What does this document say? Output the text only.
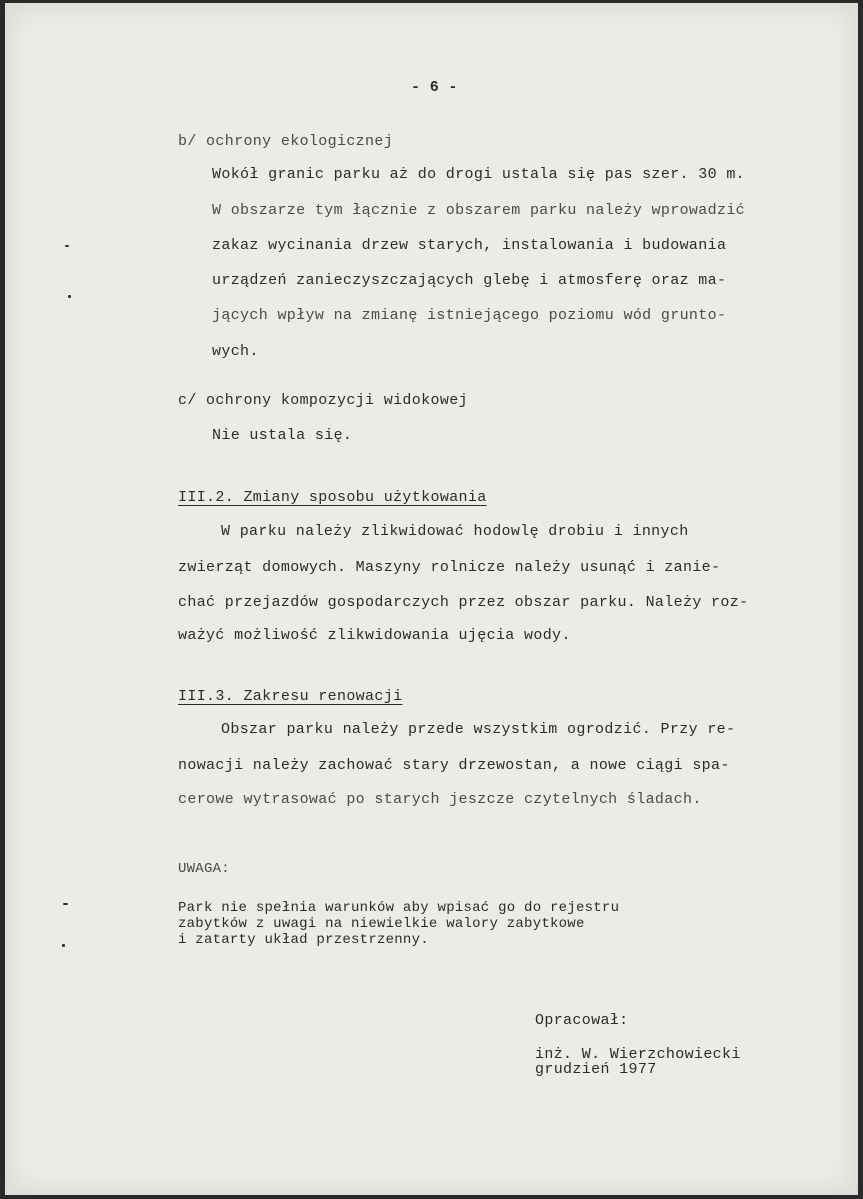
- 6 -
b/ ochrony ekologicznej
Wokół granic parku aż do drogi ustala się pas szer. 30 m.
W obszarze tym łącznie z obszarem parku należy wprowadzić
zakaz wycinania drzew starych, instalowania i budowania
urządzeń zanieczyszczających glebę i atmosferę oraz ma-
jących wpływ na zmianę istniejącego poziomu wód grunto-
wych.
c/ ochrony kompozycji widokowej
Nie ustala się.
III.2. Zmiany sposobu użytkowania
W parku należy zlikwidować hodowlę drobiu i innych
zwierząt domowych. Maszyny rolnicze należy usunąć i zanie-
chać przejazdów gospodarczych przez obszar parku. Należy roz-
ważyć możliwość zlikwidowania ujęcia wody.
III.3. Zakresu renowacji
Obszar parku należy przede wszystkim ogrodzić. Przy re-
nowacji należy zachować stary drzewostan, a nowe ciągi spa-
cerowe wytrasować po starych jeszcze czytelnych śladach.
UWAGA:
Park nie spełnia warunków aby wpisać go do rejestru
zabytków z uwagi na niewielkie walory zabytkowe
i zatarty układ przestrzenny.
Opracował:
inż. W. Wierzchowiecki
grudzień 1977
